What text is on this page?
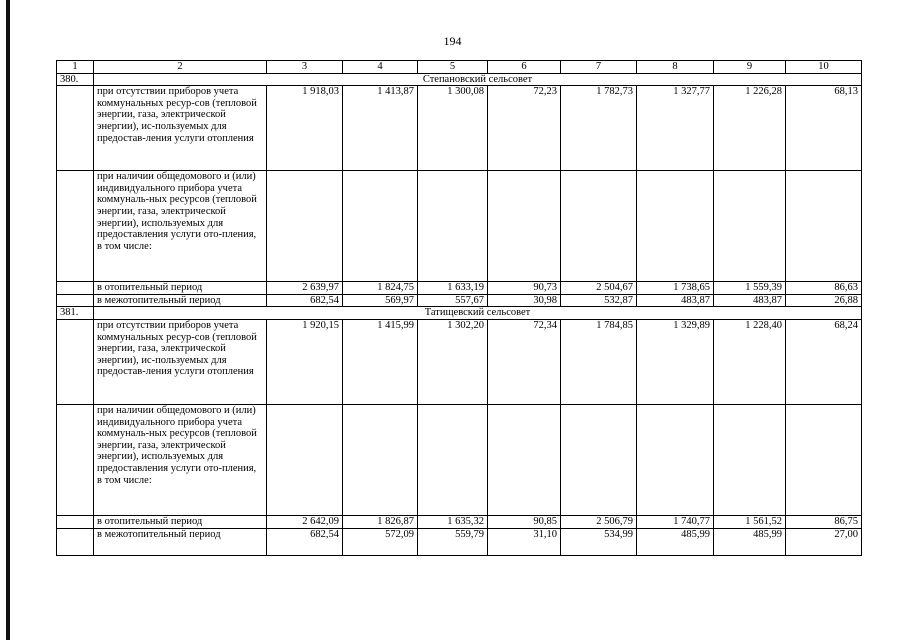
194
1	2	3	4	5	6	7	8	9	10
380.	Степановский сельсовет								
	при отсутствии приборов учета коммунальных ресур-сов (тепловой энергии, газа, электрической энергии), ис-пользуемых для предостав-ления услуги отопления	1 918,03	1 413,87	1 300,08	72,23	1 782,73	1 327,77	1 226,28	68,13
	при наличии общедомового и (или) индивидуального прибора учета коммуналь-ных ресурсов (тепловой энергии, газа, электрической энергии), используемых для предоставления услуги ото-пления, в том числе:								
	в отопительный период	2 639,97	1 824,75	1 633,19	90,73	2 504,67	1 738,65	1 559,39	86,63
	в межотопительный период	682,54	569,97	557,67	30,98	532,87	483,87	483,87	26,88
381.	Татищевский сельсовет								
	при отсутствии приборов учета коммунальных ресур-сов (тепловой энергии, газа, электрической энергии), ис-пользуемых для предостав-ления услуги отопления	1 920,15	1 415,99	1 302,20	72,34	1 784,85	1 329,89	1 228,40	68,24
	при наличии общедомового и (или) индивидуального прибора учета коммуналь-ных ресурсов (тепловой энергии, газа, электрической энергии), используемых для предоставления услуги ото-пления, в том числе:								
	в отопительный период	2 642,09	1 826,87	1 635,32	90,85	2 506,79	1 740,77	1 561,52	86,75
	в межотопительный период	682,54	572,09	559,79	31,10	534,99	485,99	485,99	27,00
